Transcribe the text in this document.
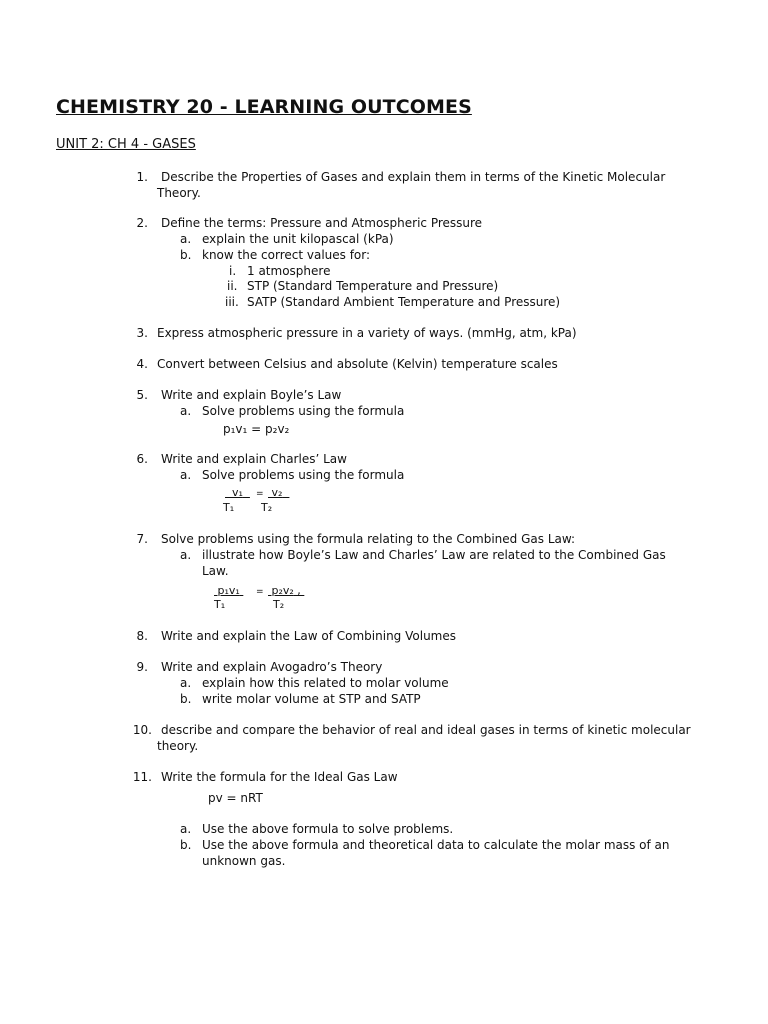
CHEMISTRY 20 - LEARNING OUTCOMES
UNIT 2: CH 4 - GASES
1. Describe the Properties of Gases and explain them in terms of the Kinetic Molecular
Theory.
2. Define the terms: Pressure and Atmospheric Pressure
a. explain the unit kilopascal (kPa)
b. know the correct values for:
i. 1 atmosphere
ii. STP (Standard Temperature and Pressure)
iii. SATP (Standard Ambient Temperature and Pressure)
3. Express atmospheric pressure in a variety of ways. (mmHg, atm, kPa)
4. Convert between Celsius and absolute (Kelvin) temperature scales
5. Write and explain Boyle’s Law
a. Solve problems using the formula
p₁v₁ = p₂v₂
6. Write and explain Charles’ Law
a. Solve problems using the formula
v₁	= v₂
T₁ T₂
7. Solve problems using the formula relating to the Combined Gas Law:
a. illustrate how Boyle’s Law and Charles’ Law are related to the Combined Gas
Law.
p₁v₁	= p₂v₂ ,
T₁	T₂
8. Write and explain the Law of Combining Volumes
9. Write and explain Avogadro’s Theory
a. explain how this related to molar volume
b. write molar volume at STP and SATP
10. describe and compare the behavior of real and ideal gases in terms of kinetic molecular
theory.
11. Write the formula for the Ideal Gas Law
pv = nRT
a. Use the above formula to solve problems.
b. Use the above formula and theoretical data to calculate the molar mass of an
unknown gas.
